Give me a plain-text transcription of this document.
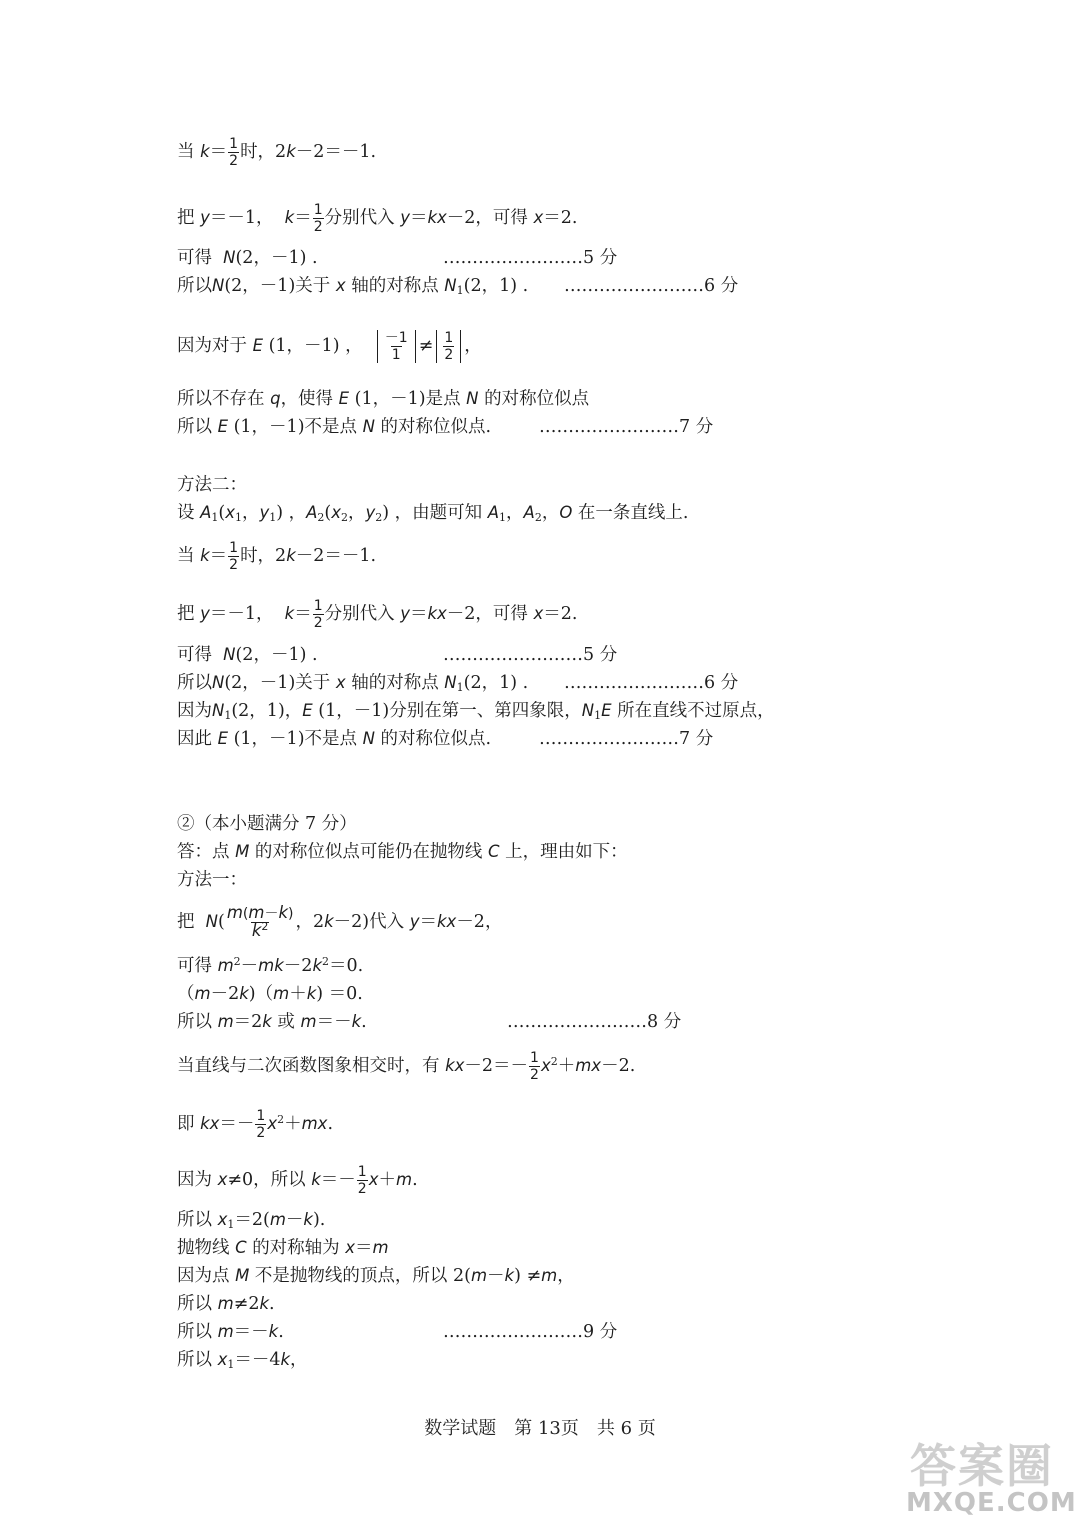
当 $k= \frac{1}{2}$ 时，2k－2＝－1.
把 y＝－1， $k= \frac{1}{2}$ 分别代入 y＝kx－2，可得 x＝2.
可得 N(2，－1) .	……………………5 分
所以N(2，－1)关于 x 轴的对称点 $N_1(2$，1) . ……………………6 分
因为对于 E (1，－1) ， $\frac{-1}{1} \ne \frac{1}{2}$ ，
所以不存在 q，使得 E (1，－1)是点 N 的对称位似点
所以 E (1，－1)不是点 N 的对称位似点.	……………………7 分
方法二：
设 $A_1(x_1$，$y_1$) ，$A_2(x_2$，$y_2$) ，由题可知 $A_1$，$A_2$，O 在一条直线上.
当 $k= \frac{1}{2}$ 时，2k－2＝－1.
把 y＝－1， $k= \frac{1}{2}$ 分别代入 y＝kx－2，可得 x＝2.
可得 N(2，－1) .	……………………5 分
所以N(2，－1)关于 x 轴的对称点 $N_1(2$，1) . ……………………6 分
因为$N_1(2$，1)，E (1，－1)分别在第一、第四象限，$N_1E$ 所在直线不过原点，
因此 E (1，－1)不是点 N 的对称位似点.	……………………7 分
②（本小题满分 7 分）
答：点 M 的对称位似点可能仍在抛物线 C 上，理由如下：
方法一：
把 $N( \frac{m(m-k)}{k^2}$ ，2k－2)代入 y＝kx－2，
可得 $m^2-mk-2k^2=0$.
（m－2k)（m＋k) ＝0.
所以 m＝2k 或 m＝－k.	……………………8 分
当直线与二次函数图象相交时，有 $kx-2=- \frac{1}{2} x^2+mx-2$.
即 $kx=- \frac{1}{2} x^2+mx$.
因为 x≠0，所以 $k=- \frac{1}{2} x+m$.
所以 $x_1=2(m-k)$.
抛物线 C 的对称轴为 x＝m
因为点 M 不是抛物线的顶点，所以 2(m－k) ≠m，
所以 m≠2k.
所以 m＝－k.	……………………9 分
所以 $x_1=-4k$，
数学试题　第 13页　共 6 页
答案圈
MXQE.COM
